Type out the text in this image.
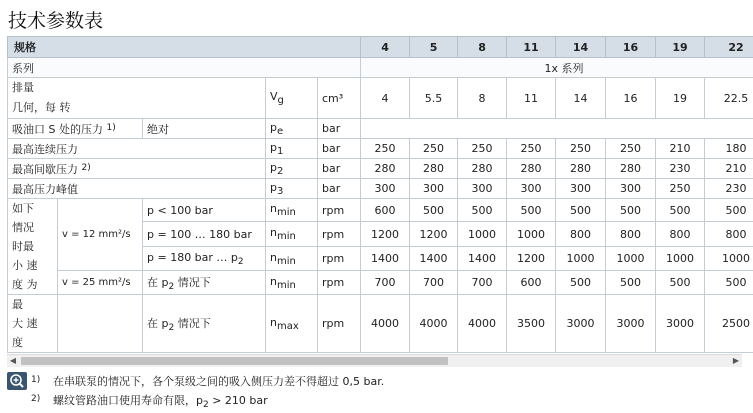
技术参数表
规格					4	5	8	11	14	16	19	22
系列					1x 系列							

排量
几何，每 转			$V_g$	cm³	4	5.5	8	11	14	16	19	22.5
吸油口 S 处的压力 $^{1)}$		绝对	$p_e$	bar								
最高连续压力			$p_1$	bar	250	250	250	250	250	250	210	180
最高间歇压力 $^{2)}$			$p_2$	bar	280	280	280	280	280	280	230	210
最高压力峰值			$p_3$	bar	300	300	300	300	300	300	250	230

如下
情况
时最
小 速
度 为	v = 12 mm²/s	p < 100 bar	$n_{min}$	rpm	600	500	500	500	500	500	500	500
		p = 100 … 180 bar	$n_{min}$	rpm	1200	1200	1000	1000	800	800	800	800
		p = 180 bar … $p_2$	$n_{min}$	rpm	1400	1400	1400	1200	1000	1000	1000	1000
	v = 25 mm²/s	在 $p_2$ 情况下	$n_{min}$	rpm	700	700	700	600	500	500	500	500

最
大 速
度		在 $p_2$ 情况下	$n_{max}$	rpm	4000	4000	4000	3500	3000	3000	3000	2500
◀	▶
1) 在串联泵的情况下，各个泵级之间的吸入侧压力差不得超过 0,5 bar.
2) 螺纹管路油口使用寿命有限，$p_2 > 210$ bar
